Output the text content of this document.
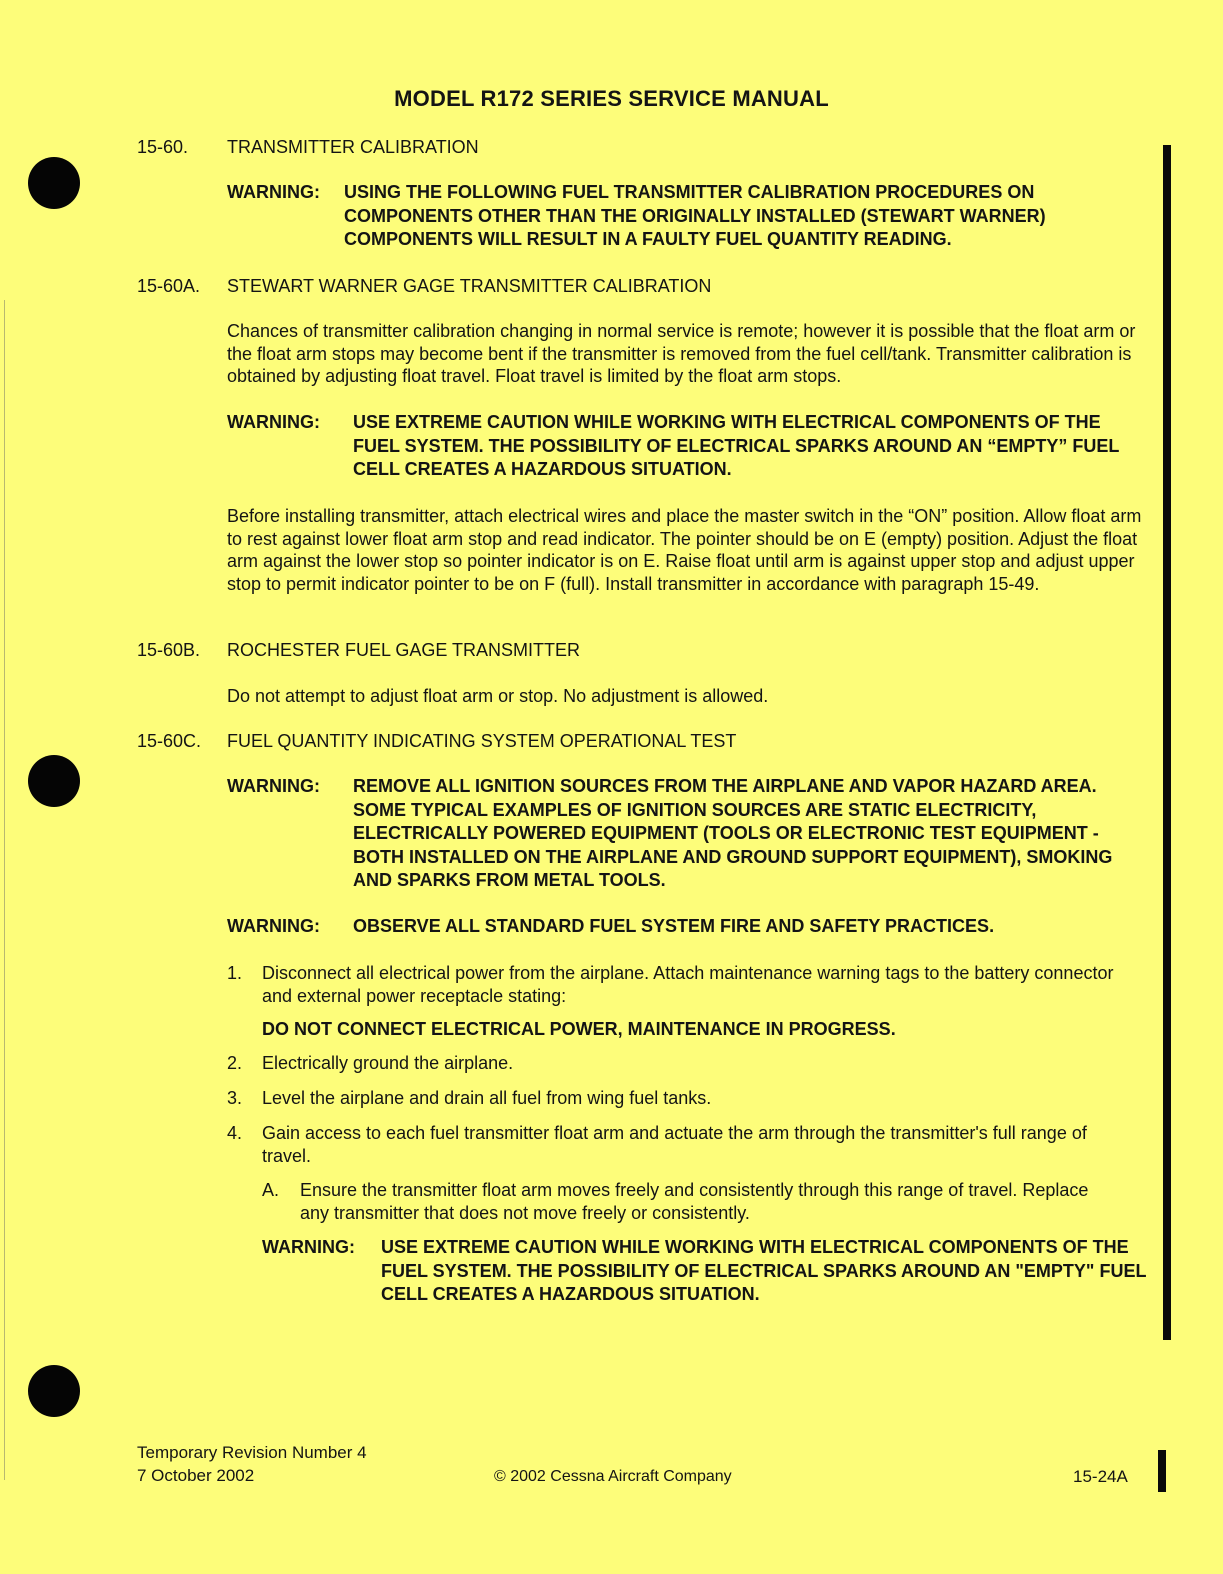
MODEL R172 SERIES SERVICE MANUAL
15-60. TRANSMITTER CALIBRATION
WARNING:	USING THE FOLLOWING FUEL TRANSMITTER CALIBRATION PROCEDURES ON COMPONENTS OTHER THAN THE ORIGINALLY INSTALLED (STEWART WARNER) COMPONENTS WILL RESULT IN A FAULTY FUEL QUANTITY READING.
15-60A. STEWART WARNER GAGE TRANSMITTER CALIBRATION
Chances of transmitter calibration changing in normal service is remote; however it is possible that the float arm or the float arm stops may become bent if the transmitter is removed from the fuel cell/tank. Transmitter calibration is obtained by adjusting float travel. Float travel is limited by the float arm stops.
WARNING:	USE EXTREME CAUTION WHILE WORKING WITH ELECTRICAL COMPONENTS OF THE FUEL SYSTEM. THE POSSIBILITY OF ELECTRICAL SPARKS AROUND AN “EMPTY” FUEL CELL CREATES A HAZARDOUS SITUATION.
Before installing transmitter, attach electrical wires and place the master switch in the “ON” position. Allow float arm to rest against lower float arm stop and read indicator. The pointer should be on E (empty) position. Adjust the float arm against the lower stop so pointer indicator is on E. Raise float until arm is against upper stop and adjust upper stop to permit indicator pointer to be on F (full). Install transmitter in accordance with paragraph 15-49.
15-60B. ROCHESTER FUEL GAGE TRANSMITTER
Do not attempt to adjust float arm or stop. No adjustment is allowed.
15-60C. FUEL QUANTITY INDICATING SYSTEM OPERATIONAL TEST
WARNING:	REMOVE ALL IGNITION SOURCES FROM THE AIRPLANE AND VAPOR HAZARD AREA. SOME TYPICAL EXAMPLES OF IGNITION SOURCES ARE STATIC ELECTRICITY, ELECTRICALLY POWERED EQUIPMENT (TOOLS OR ELECTRONIC TEST EQUIPMENT - BOTH INSTALLED ON THE AIRPLANE AND GROUND SUPPORT EQUIPMENT), SMOKING AND SPARKS FROM METAL TOOLS.
WARNING:	OBSERVE ALL STANDARD FUEL SYSTEM FIRE AND SAFETY PRACTICES.
1.	Disconnect all electrical power from the airplane. Attach maintenance warning tags to the battery connector and external power receptacle stating:
DO NOT CONNECT ELECTRICAL POWER, MAINTENANCE IN PROGRESS.
2.	Electrically ground the airplane.
3.	Level the airplane and drain all fuel from wing fuel tanks.
4.	Gain access to each fuel transmitter float arm and actuate the arm through the transmitter's full range of travel.
A.	Ensure the transmitter float arm moves freely and consistently through this range of travel. Replace any transmitter that does not move freely or consistently.
WARNING:	USE EXTREME CAUTION WHILE WORKING WITH ELECTRICAL COMPONENTS OF THE FUEL SYSTEM. THE POSSIBILITY OF ELECTRICAL SPARKS AROUND AN "EMPTY" FUEL CELL CREATES A HAZARDOUS SITUATION.
Temporary Revision Number 4
7 October 2002	© 2002 Cessna Aircraft Company	15-24A
